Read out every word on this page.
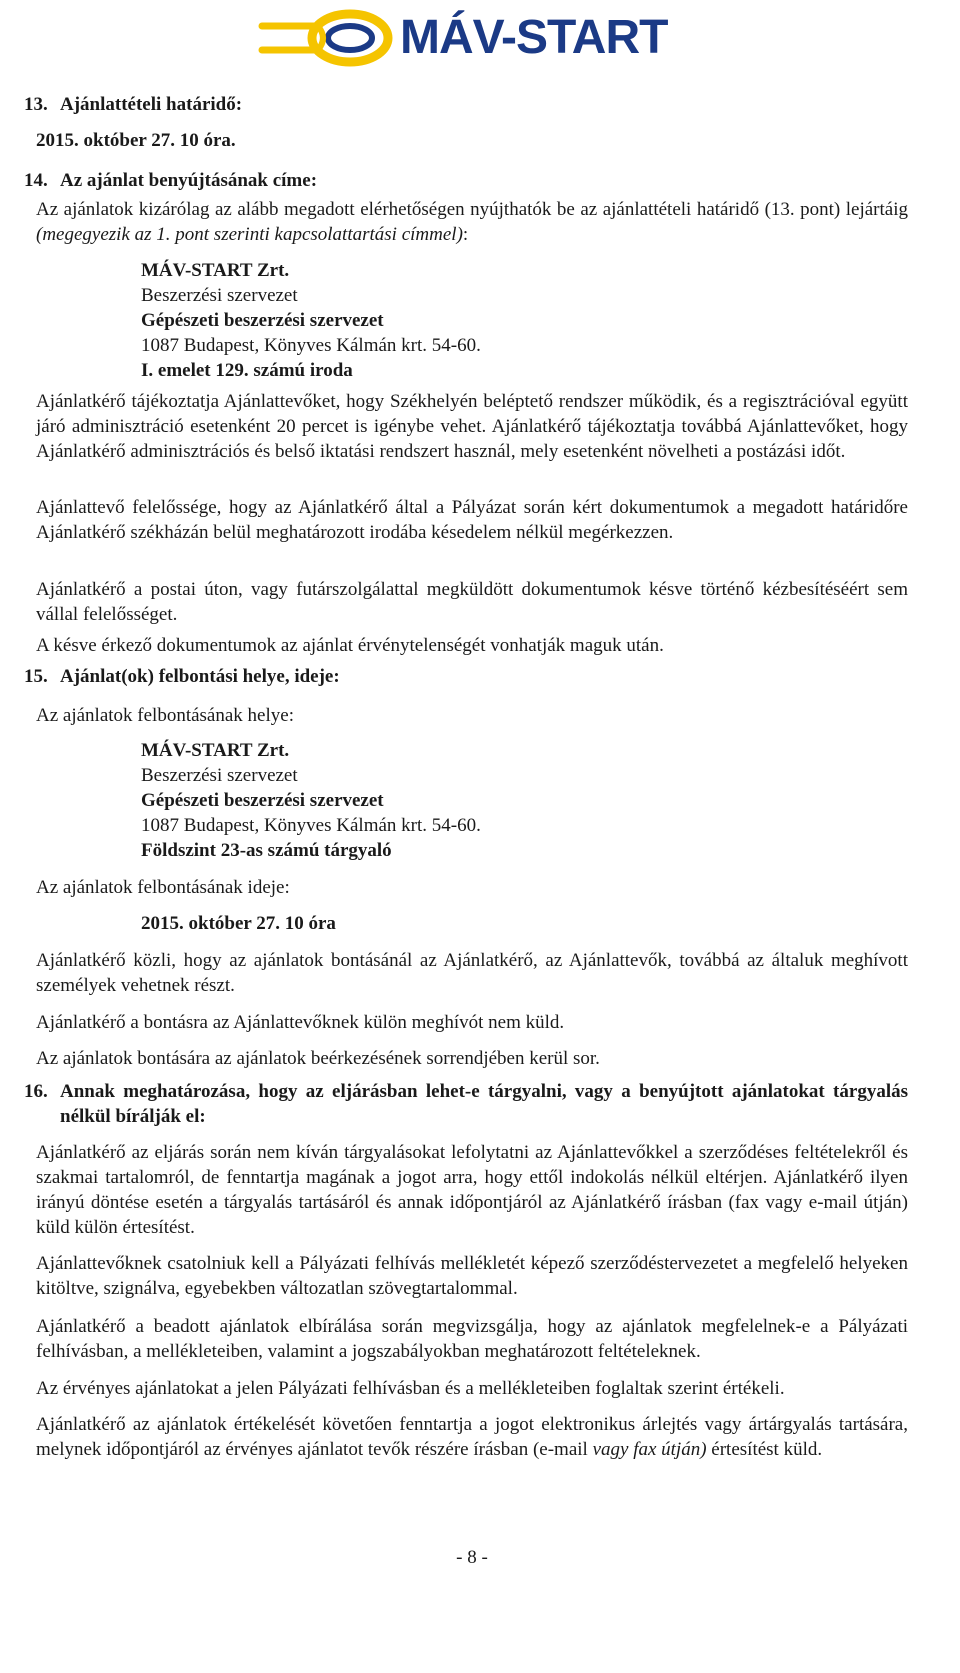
MÁV-START
13. Ajánlattételi határidő:

2015. október 27. 10 óra.

14. Az ajánlat benyújtásának címe:

Az ajánlatok kizárólag az alább megadott elérhetőségen nyújthatók be az ajánlattételi határidő (13. pont) lejártáig (megegyezik az 1. pont szerinti kapcsolattartási címmel):

MÁV-START Zrt.

Beszerzési szervezet

Gépészeti beszerzési szervezet

1087 Budapest, Könyves Kálmán krt. 54-60.

I. emelet 129. számú iroda

Ajánlatkérő tájékoztatja Ajánlattevőket, hogy Székhelyén beléptető rendszer működik, és a regisztrációval együtt járó adminisztráció esetenként 20 percet is igénybe vehet. Ajánlatkérő tájékoztatja továbbá Ajánlattevőket, hogy Ajánlatkérő adminisztrációs és belső iktatási rendszert használ, mely esetenként növelheti a postázási időt.

Ajánlattevő felelőssége, hogy az Ajánlatkérő által a Pályázat során kért dokumentumok a megadott határidőre Ajánlatkérő székházán belül meghatározott irodába késedelem nélkül megérkezzen.

Ajánlatkérő a postai úton, vagy futárszolgálattal megküldött dokumentumok késve történő kézbesítéséért sem vállal felelősséget.

A késve érkező dokumentumok az ajánlat érvénytelenségét vonhatják maguk után.

15. Ajánlat(ok) felbontási helye, ideje:

Az ajánlatok felbontásának helye:

MÁV-START Zrt.

Beszerzési szervezet

Gépészeti beszerzési szervezet

1087 Budapest, Könyves Kálmán krt. 54-60.

Földszint 23-as számú tárgyaló

Az ajánlatok felbontásának ideje:

2015. október 27. 10 óra

Ajánlatkérő közli, hogy az ajánlatok bontásánál az Ajánlatkérő, az Ajánlattevők, továbbá az általuk meghívott személyek vehetnek részt.

Ajánlatkérő a bontásra az Ajánlattevőknek külön meghívót nem küld.

Az ajánlatok bontására az ajánlatok beérkezésének sorrendjében kerül sor.

16. Annak meghatározása, hogy az eljárásban lehet-e tárgyalni, vagy a benyújtott ajánlatokat tárgyalás nélkül bírálják el:

Ajánlatkérő az eljárás során nem kíván tárgyalásokat lefolytatni az Ajánlattevőkkel a szerződéses feltételekről és szakmai tartalomról, de fenntartja magának a jogot arra, hogy ettől indokolás nélkül eltérjen. Ajánlatkérő ilyen irányú döntése esetén a tárgyalás tartásáról és annak időpontjáról az Ajánlatkérő írásban (fax vagy e-mail útján) küld külön értesítést.

Ajánlattevőknek csatolniuk kell a Pályázati felhívás mellékletét képező szerződéstervezetet a megfelelő helyeken kitöltve, szignálva, egyebekben változatlan szövegtartalommal.

Ajánlatkérő a beadott ajánlatok elbírálása során megvizsgálja, hogy az ajánlatok megfelelnek-e a Pályázati felhívásban, a mellékleteiben, valamint a jogszabályokban meghatározott feltételeknek.

Az érvényes ajánlatokat a jelen Pályázati felhívásban és a mellékleteiben foglaltak szerint értékeli.

Ajánlatkérő az ajánlatok értékelését követően fenntartja a jogot elektronikus árlejtés vagy ártárgyalás tartására, melynek időpontjáról az érvényes ajánlatot tevők részére írásban (e-mail vagy fax útján) értesítést küld.

- 8 -
